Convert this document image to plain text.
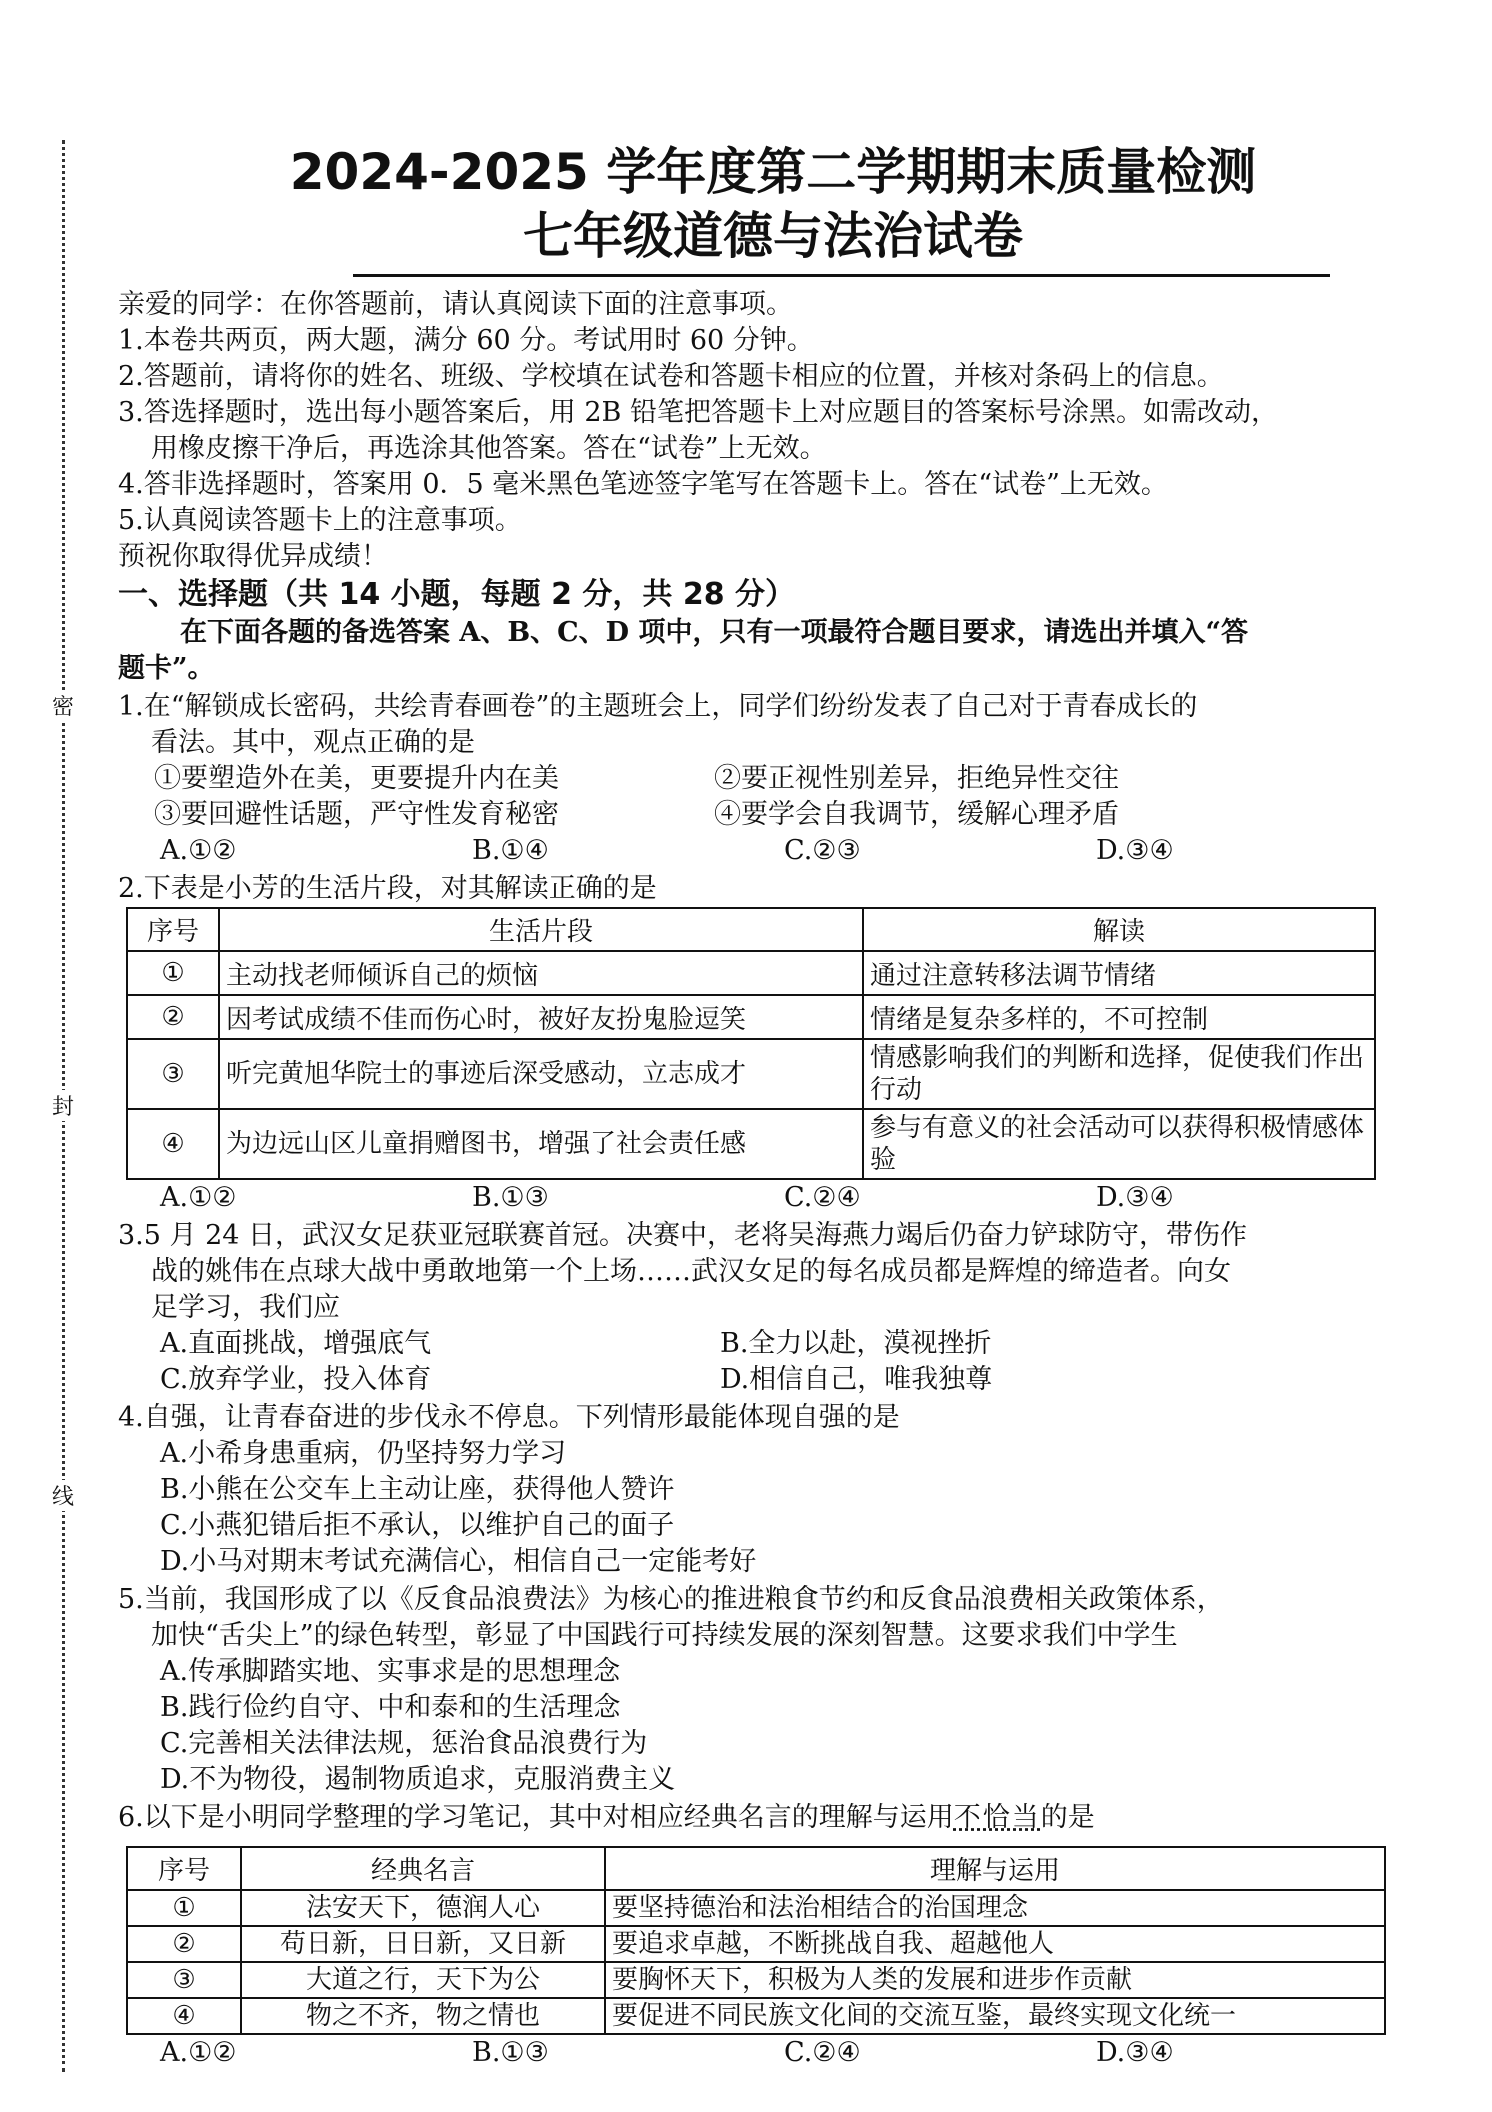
密
封
线
2024-2025 学年度第二学期期末质量检测
七年级道德与法治试卷
亲爱的同学：在你答题前，请认真阅读下面的注意事项。
1.本卷共两页，两大题，满分 60 分。考试用时 60 分钟。
2.答题前，请将你的姓名、班级、学校填在试卷和答题卡相应的位置，并核对条码上的信息。
3.答选择题时，选出每小题答案后，用 2B 铅笔把答题卡上对应题目的答案标号涂黑。如需改动，
用橡皮擦干净后，再选涂其他答案。答在“试卷”上无效。
4.答非选择题时，答案用 0．5 毫米黑色笔迹签字笔写在答题卡上。答在“试卷”上无效。
5.认真阅读答题卡上的注意事项。
预祝你取得优异成绩！
一、选择题（共 14 小题，每题 2 分，共 28 分）
在下面各题的备选答案 A、B、C、D 项中，只有一项最符合题目要求，请选出并填入“答
题卡”。
1.在“解锁成长密码，共绘青春画卷”的主题班会上，同学们纷纷发表了自己对于青春成长的
看法。其中，观点正确的是
①要塑造外在美，更要提升内在美	②要正视性别差异，拒绝异性交往
③要回避性话题，严守性发育秘密	④要学会自我调节，缓解心理矛盾
A.①②	B.①④	C.②③	D.③④
2.下表是小芳的生活片段，对其解读正确的是
序号	生活片段	解读
①	主动找老师倾诉自己的烦恼	通过注意转移法调节情绪
②	因考试成绩不佳而伤心时，被好友扮鬼脸逗笑	情绪是复杂多样的，不可控制
③	听完黄旭华院士的事迹后深受感动，立志成才	情感影响我们的判断和选择，促使我们作出行动
④	为边远山区儿童捐赠图书，增强了社会责任感	参与有意义的社会活动可以获得积极情感体验
A.①②	B.①③	C.②④	D.③④
3.5 月 24 日，武汉女足获亚冠联赛首冠。决赛中，老将吴海燕力竭后仍奋力铲球防守，带伤作
战的姚伟在点球大战中勇敢地第一个上场……武汉女足的每名成员都是辉煌的缔造者。向女
足学习，我们应
A.直面挑战，增强底气	B.全力以赴，漠视挫折
C.放弃学业，投入体育	D.相信自己，唯我独尊
4.自强，让青春奋进的步伐永不停息。下列情形最能体现自强的是
A.小希身患重病，仍坚持努力学习
B.小熊在公交车上主动让座，获得他人赞许
C.小燕犯错后拒不承认，以维护自己的面子
D.小马对期末考试充满信心，相信自己一定能考好
5.当前，我国形成了以《反食品浪费法》为核心的推进粮食节约和反食品浪费相关政策体系，
加快“舌尖上”的绿色转型，彰显了中国践行可持续发展的深刻智慧。这要求我们中学生
A.传承脚踏实地、实事求是的思想理念
B.践行俭约自守、中和泰和的生活理念
C.完善相关法律法规，惩治食品浪费行为
D.不为物役，遏制物质追求，克服消费主义
6.以下是小明同学整理的学习笔记，其中对相应经典名言的理解与运用不恰当的是
序号	经典名言	理解与运用
①	法安天下，德润人心	要坚持德治和法治相结合的治国理念
②	苟日新，日日新，又日新	要追求卓越，不断挑战自我、超越他人
③	大道之行，天下为公	要胸怀天下，积极为人类的发展和进步作贡献
④	物之不齐，物之情也	要促进不同民族文化间的交流互鉴，最终实现文化统一
A.①②	B.①③	C.②④	D.③④
